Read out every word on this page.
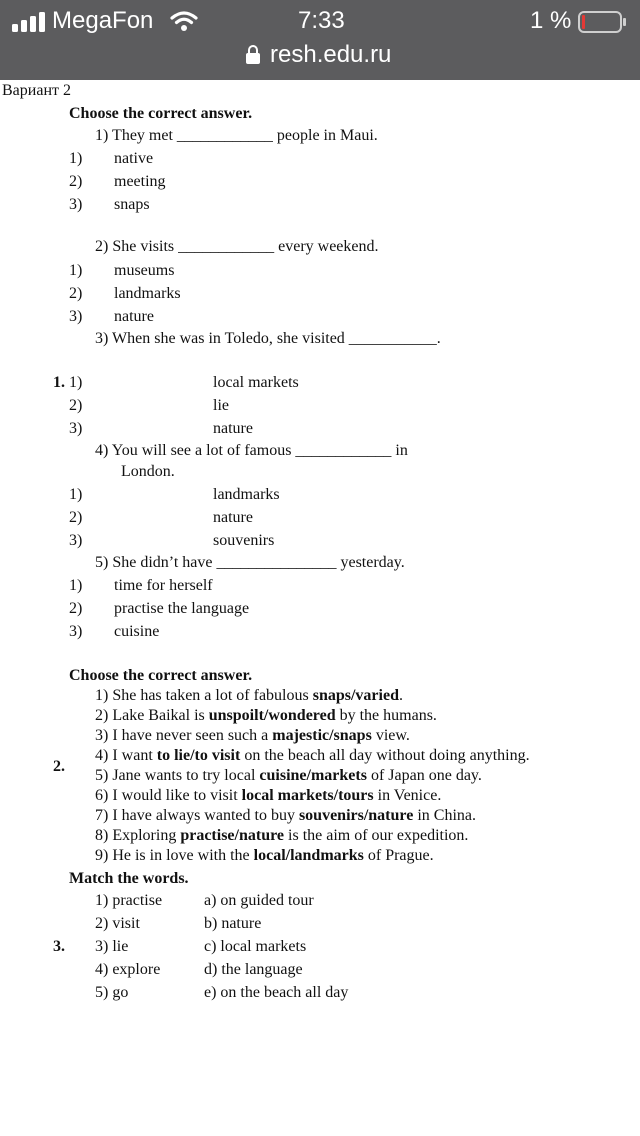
MegaFon	7:33	1 %
resh.edu.ru
Вариант 2
Choose the correct answer.
1.
1) They met ____________ people in Maui.
1) native
2) meeting
3) snaps
2) She visits ____________ every weekend.
1) museums
2) landmarks
3) nature
3) When she was in Toledo, she visited ___________.
1)	local markets
2)	lie
3)	nature
4) You will see a lot of famous ____________ in
London.
1)	landmarks
2)	nature
3)	souvenirs
5) She didn’t have _______________ yesterday.
1) time for herself
2) practise the language
3) cuisine
Choose the correct answer.
2.
1) She has taken a lot of fabulous snaps/varied.
2) Lake Baikal is unspoilt/wondered by the humans.
3) I have never seen such a majestic/snaps view.
4) I want to lie/to visit on the beach all day without doing anything.
5) Jane wants to try local cuisine/markets of Japan one day.
6) I would like to visit local markets/tours in Venice.
7) I have always wanted to buy souvenirs/nature in China.
8) Exploring practise/nature is the aim of our expedition.
9) He is in love with the local/landmarks of Prague.
Match the words.
3.
1) practise	a) on guided tour
2) visit	b) nature
3) lie	c) local markets
4) explore	d) the language
5) go	e) on the beach all day
